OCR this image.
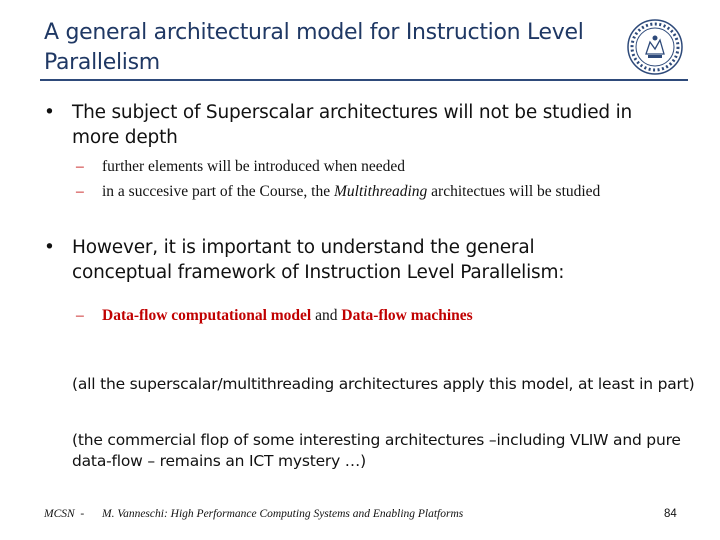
A general architectural model for Instruction Level Parallelism
• The subject of Superscalar architectures will not be studied in more depth
– further elements will be introduced when needed
– in a succesive part of the Course, the Multithreading architectues will be studied
• However, it is important to understand the general conceptual framework of Instruction Level Parallelism:
– Data-flow computational model and Data-flow machines
(all the superscalar/multithreading architectures apply this model, at least in part)
(the commercial flop of some interesting architectures –including VLIW and pure data-flow – remains an ICT mystery …)
MCSN  - M. Vanneschi: High Performance Computing Systems and Enabling Platforms	84
